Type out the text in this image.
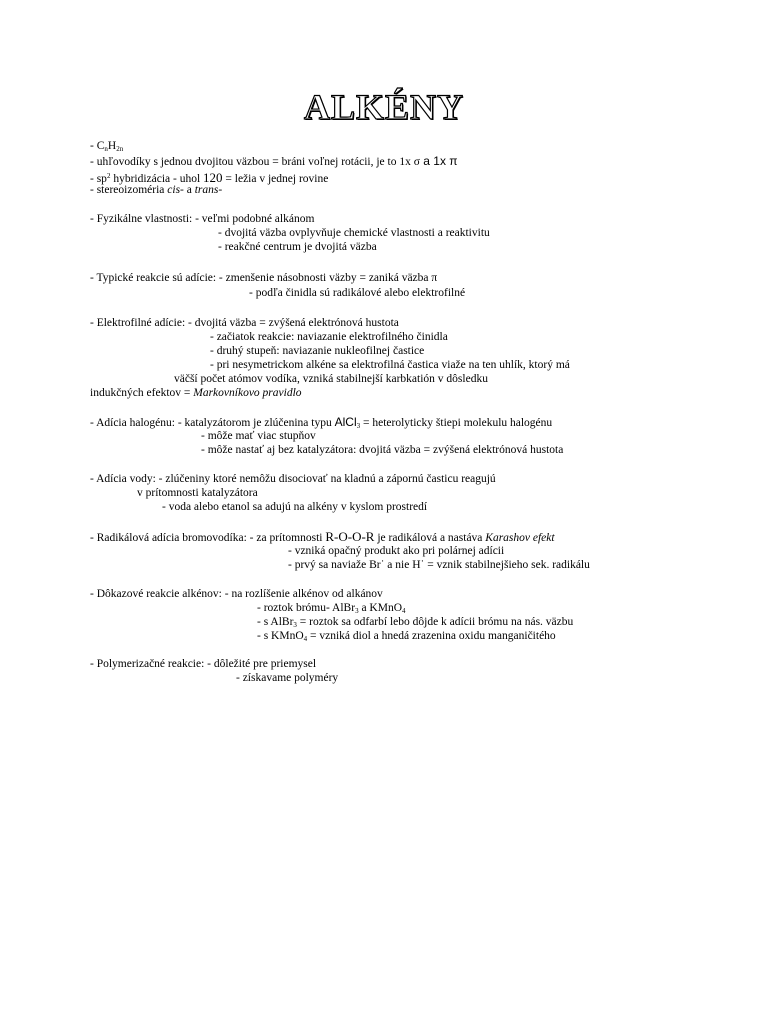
ALKÉNY
- $C_nH_{2n}$
- uhľovodíky s jednou dvojitou väzbou = bráni voľnej rotácii, je to 1x σ a 1x π
- $sp^2$ hybridizácia - uhol 120 = ležia v jednej rovine
- stereoizoméria cis- a trans-
- Fyzikálne vlastnosti: - veľmi podobné alkánom
- dvojitá väzba ovplyvňuje chemické vlastnosti a reaktivitu
- reakčné centrum je dvojitá väzba
- Typické reakcie sú adície: - zmenšenie násobnosti väzby = zaniká väzba π
- podľa činidla sú radikálové alebo elektrofilné
- Elektrofilné adície: - dvojitá väzba = zvýšená elektrónová hustota
- začiatok reakcie: naviazanie elektrofilného činidla
- druhý stupeň: naviazanie nukleofilnej častice
- pri nesymetrickom alkéne sa elektrofilná častica viaže na ten uhlík, ktorý má
väčší počet atómov vodíka, vzniká stabilnejší karbkatión v dôsledku
indukčných efektov = Markovníkovo pravidlo
- Adícia halogénu: - katalyzátorom je zlúčenina typu AlCl$_3$ = heterolyticky štiepi molekulu halogénu
- môže mať viac stupňov
- môže nastať aj bez katalyzátora: dvojitá väzba = zvýšená elektrónová hustota
- Adícia vody: - zlúčeniny ktoré nemôžu disociovať na kladnú a zápornú časticu reagujú
v prítomnosti katalyzátora
- voda alebo etanol sa adujú na alkény v kyslom prostredí
- Radikálová adícia bromovodíka: - za prítomnosti R-O-O-R je radikálová a nastáva Karashov efekt
- vzniká opačný produkt ako pri polárnej adícii
- prvý sa naviaže Br˙ a nie H˙ = vznik stabilnejšieho sek. radikálu
- Dôkazové reakcie alkénov: - na rozlíšenie alkénov od alkánov
- roztok brómu- AlBr$_3$ a KMnO$_4$
- s AlBr$_3$ = roztok sa odfarbí lebo dôjde k adícii brómu na nás. väzbu
- s KMnO$_4$ = vzniká diol a hnedá zrazenina oxidu manganičitého
- Polymerizačné reakcie: - dôležité pre priemysel
- získavame polyméry
